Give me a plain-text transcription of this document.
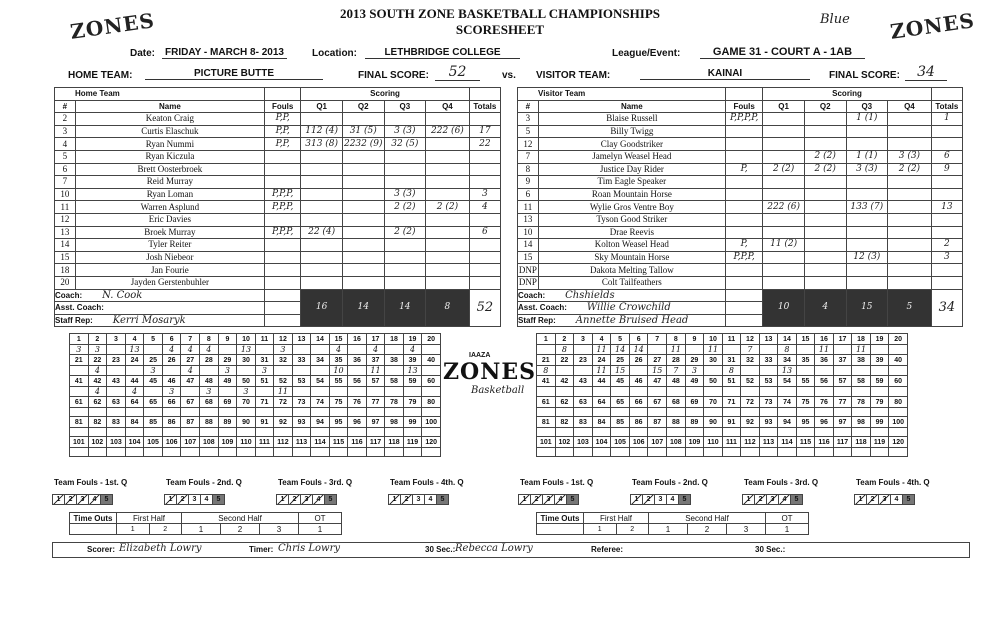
2013 SOUTH ZONE BASKETBALL CHAMPIONSHIPS
SCORESHEET
ZONES	ZONES
Blue
Date:	FRIDAY - MARCH 8- 2013	Location:	LETHBRIDGE COLLEGE	League/Event:	GAME 31 - COURT A - 1AB
HOME TEAM:	PICTURE BUTTE	FINAL SCORE:	52	vs. VISITOR TEAM:	KAINAI	FINAL SCORE:	34
Home Team			Scoring				
#	Name	Fouls	Q1	Q2	Q3	Q4	Totals
2	Keaton Craig	P,P,					
3	Curtis Elaschuk	P,P,	112 (4)	31 (5)	3 (3)	222 (6)	17
4	Ryan Nummi	P,P,	313 (8)	2232 (9)	32 (5)		22
5	Ryan Kiczula						
6	Brett Oosterbroek						
7	Reid Murray						
10	Ryan Loman	P,P,P,			3 (3)		3
11	Warren Asplund	P,P,P,			2 (2)	2 (2)	4
12	Eric Davies						
13	Broek Murray	P,P,P,	22 (4)		2 (2)		6
14	Tyler Reiter						
15	Josh Niebeor						
18	Jan Fourie						
20	Jayden Gerstenbuhler						
Coach: N. Cook			16	14	14	8	52
Asst. Coach:							
Staff Rep: Kerri Mosaryk							
Visitor Team			Scoring				
#	Name	Fouls	Q1	Q2	Q3	Q4	Totals
3	Blaise Russell	P,P,P,P,			1 (1)		1
5	Billy Twigg						
12	Clay Goodstriker						
7	Jamelyn Weasel Head			2 (2)	1 (1)	3 (3)	6
8	Justice Day Rider	P,	2 (2)	2 (2)	3 (3)	2 (2)	9
9	Tim Eagle Speaker						
6	Roan Mountain Horse						
11	Wylie Gros Ventre Boy		222 (6)		133 (7)		13
13	Tyson Good Striker						
10	Drae Reevis						
14	Kolton Weasel Head	P,	11 (2)				2
15	Sky Mountain Horse	P,P,P,			12 (3)		3
DNP	Dakota Melting Tallow						
DNP	Colt Tailfeathers						
Coach: Chshields			10	4	15	5	34
Asst. Coach: Willie Crowchild							
Staff Rep: Annette Bruised Head							
IAAZA
ZONES
Basketball
1	2	3	4	5	6	7	8	9	10	11	12	13	14	15	16	17	18	19	20
3	3		13		4	4	4		13		3			4		4		4	
21	22	23	24	25	26	27	28	29	30	31	32	33	34	35	36	37	38	39	40
	4			3		4		3		3				10		11		13	
41	42	43	44	45	46	47	48	49	50	51	52	53	54	55	56	57	58	59	60
	4		4		3		3		3		11								
61	62	63	64	65	66	67	68	69	70	71	72	73	74	75	76	77	78	79	80

81	82	83	84	85	86	87	88	89	90	91	92	93	94	95	96	97	98	99	100

101	102	103	104	105	106	107	108	109	110	111	112	113	114	115	116	117	118	119	120

1	2	3	4	5	6	7	8	9	10	11	12	13	14	15	16	17	18	19	20
	8		11	14	14		11		11		7		8		11		11		
21	22	23	24	25	26	27	28	29	30	31	32	33	34	35	36	37	38	39	40
8			11	15		15	7	3		8			13						
41	42	43	44	45	46	47	48	49	50	51	52	53	54	55	56	57	58	59	60

61	62	63	64	65	66	67	68	69	70	71	72	73	74	75	76	77	78	79	80

81	82	83	84	85	86	87	88	89	90	91	92	93	94	95	96	97	98	99	100

101	102	103	104	105	106	107	108	109	110	111	112	113	114	115	116	117	118	119	120

Team Fouls - 1st. Q
1 2 3 4 5
Team Fouls - 2nd. Q
1 2 3 4 5
Team Fouls - 3rd. Q
1 2 3 4 5
Team Fouls - 4th. Q
1 2 3 4 5
Team Fouls - 1st. Q
1 2 3 4 5
Team Fouls - 2nd. Q
1 2 3 4 5
Team Fouls - 3rd. Q
1 2 3 4 5
Team Fouls - 4th. Q
1 2 3 4 5
Time Outs	First Half		Second Half			OT
	1	2	1	2	3	1
Time Outs	First Half		Second Half			OT
	1	2	1	2	3	1
Scorer: Elizabeth Lowry	Timer: Chris Lowry	30 Sec.: Rebecca Lowry	Referee:	30 Sec.:
